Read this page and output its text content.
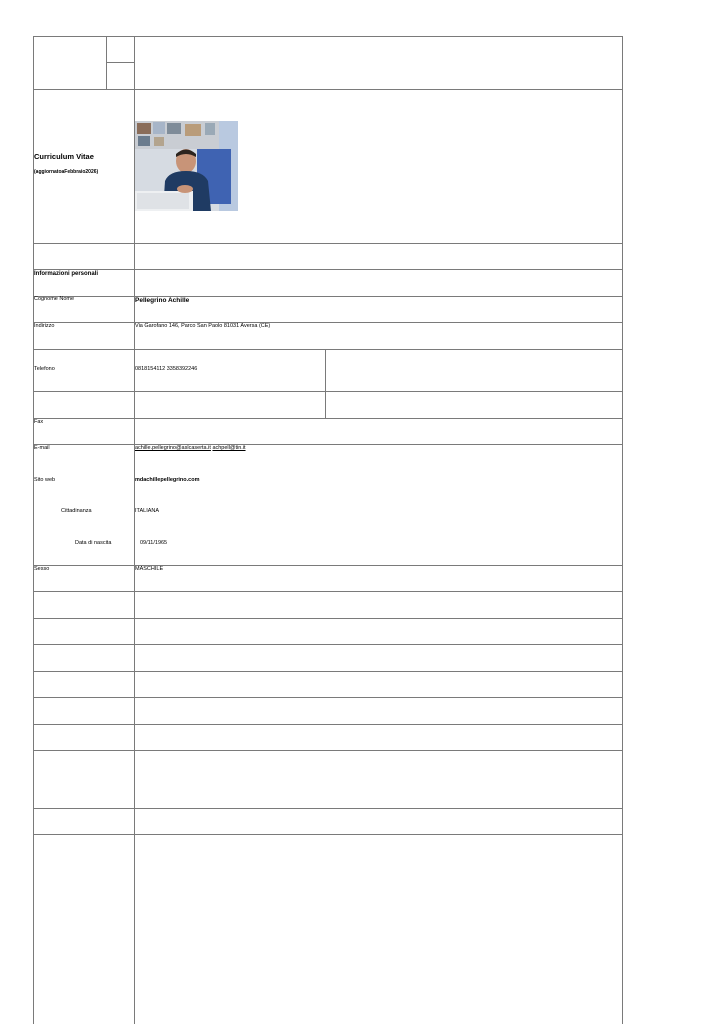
Curriculum Vitae
(aggiornatoaFebbraio2026)
Informazioni personali
Cognome Nome	Pellegrino Achille
Indirizzo	Via Garofano 146, Parco San Paolo 81031 Aversa (CE)
Telefono	0818154112 3358392246
Fax
E-mail	achille.pellegrino@aslcaserta.it achpell@tin.it
Sito web	mdachillepellegrino.com
Cittadinanza	ITALIANA
Data di nascita	09/11/1965
Sesso	MASCHILE
